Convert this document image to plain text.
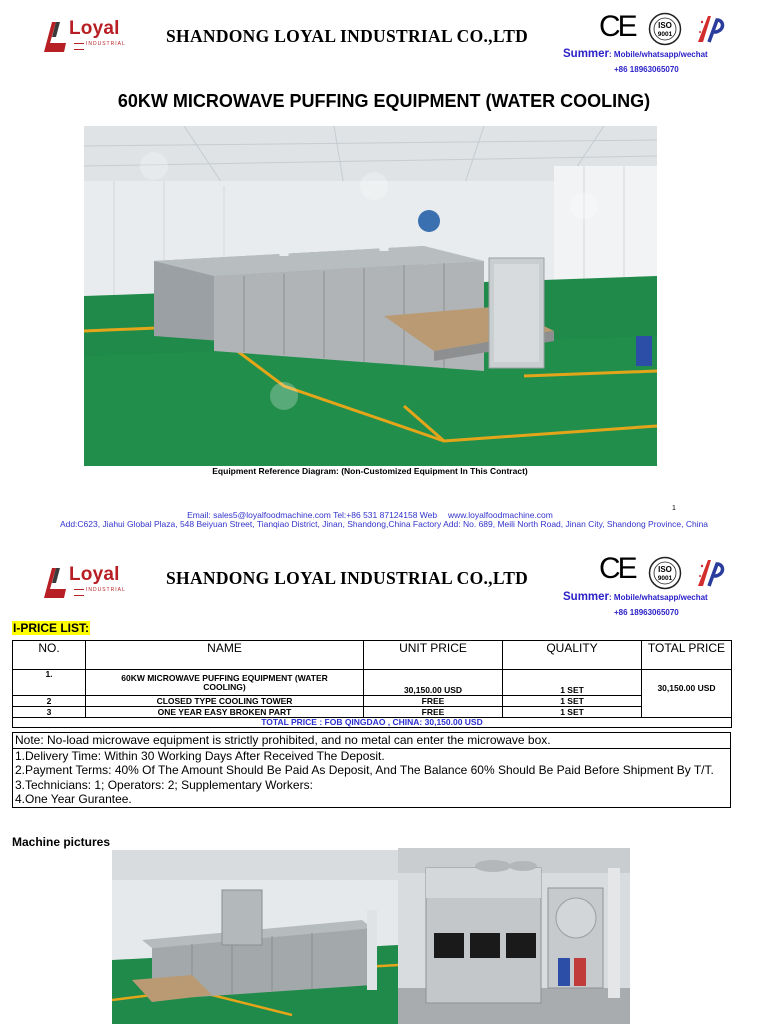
Loyal
INDUSTRIAL	SHANDONG LOYAL INDUSTRIAL CO.,LTD CE	ISO
9001
Summer: Mobile/whatsapp/wechat
+86 18963065070
60KW MICROWAVE PUFFING EQUIPMENT (WATER COOLING)
Equipment Reference Diagram: (Non-Customized Equipment In This Contract)
Email: sales5@loyalfoodmachine.com Tel:+86 531 87124158 Web　 www.loyalfoodmachine.com
1
Add:C623, Jiahui Global Plaza, 548 Beiyuan Street, Tianqiao District, Jinan, Shandong,China Factory Add: No. 689, Meili North Road, Jinan City, Shandong Province, China
Loyal
INDUSTRIAL
SHANDONG LOYAL INDUSTRIAL CO.,LTD CE	ISO
9001
Summer: Mobile/whatsapp/wechat
+86 18963065070
I-PRICE LIST:
NO.	NAME	UNIT PRICE	QUALITY	TOTAL PRICE
1.	60KW MICROWAVE PUFFING EQUIPMENT (WATER COOLING)	30,150.00 USD	1 SET	30,150.00 USD
2	CLOSED TYPE COOLING TOWER	FREE	1 SET	
3	ONE YEAR EASY BROKEN PART	FREE	1 SET	
TOTAL PRICE : FOB QINGDAO , CHINA: 30,150.00 USD				
Note: No-load microwave equipment is strictly prohibited, and no metal can enter the microwave box.

1.Delivery Time: Within 30 Working Days After Received The Deposit.
2.Payment Terms: 40% Of The Amount Should Be Paid As Deposit, And The Balance 60% Should Be Paid Before Shipment By T/T.
3.Technicians: 1; Operators: 2; Supplementary Workers:
4.One Year Gurantee.
Machine pictures
